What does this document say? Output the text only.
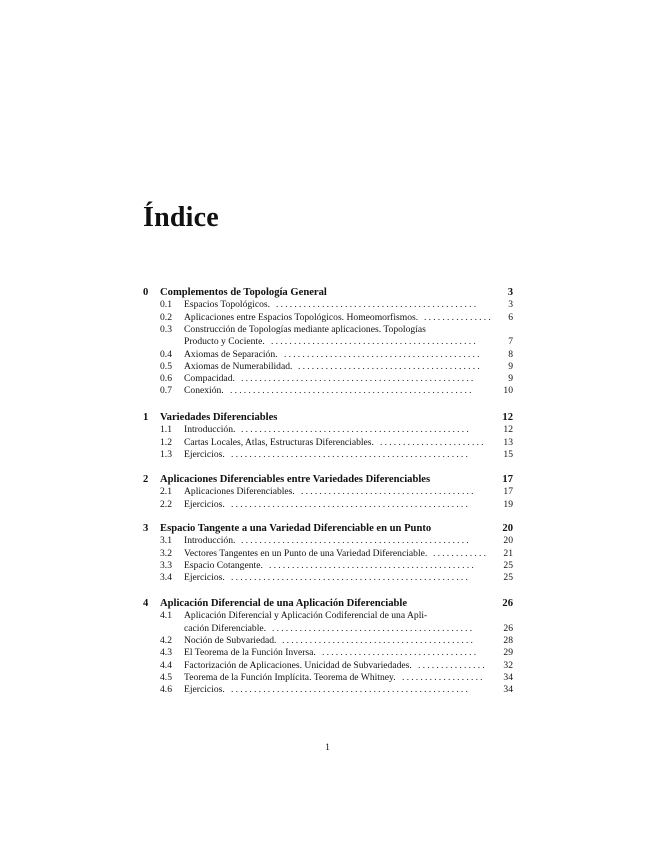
Índice
0	Complementos de Topología General	3
0.1	Espacios Topológicos. ............................................	3
0.2	Aplicaciones entre Espacios Topológicos. Homeomorfismos. ...............	6
0.3	Construcción de Topologías mediante aplicaciones. Topologías
Producto y Cociente. .............................................	7
0.4	Axiomas de Separación. ...........................................	8
0.5	Axiomas de Numerabilidad. ........................................	9
0.6	Compacidad. ...................................................	9
0.7	Conexión. .....................................................	10
1	Variedades Diferenciables	12
1.1	Introducción. ..................................................	12
1.2	Cartas Locales, Atlas, Estructuras Diferenciables. .......................	13
1.3	Ejercicios. ....................................................	15
2	Aplicaciones Diferenciables entre Variedades Diferenciables	17
2.1	Aplicaciones Diferenciables. ......................................	17
2.2	Ejercicios. ....................................................	19
3	Espacio Tangente a una Variedad Diferenciable en un Punto	20
3.1	Introducción. ..................................................	20
3.2	Vectores Tangentes en un Punto de una Variedad Diferenciable. ............	21
3.3	Espacio Cotangente. .............................................	25
3.4	Ejercicios. ....................................................	25
4	Aplicación Diferencial de una Aplicación Diferenciable	26
4.1	Aplicación Diferencial y Aplicación Codiferencial de una Apli-
cación Diferenciable. ............................................	26
4.2	Noción de Subvariedad. ..........................................	28
4.3	El Teorema de la Función Inversa. ..................................	29
4.4	Factorización de Aplicaciones. Unicidad de Subvariedades. ...............	32
4.5	Teorema de la Función Implícita. Teorema de Whitney. ..................	34
4.6	Ejercicios. ....................................................	34
1
